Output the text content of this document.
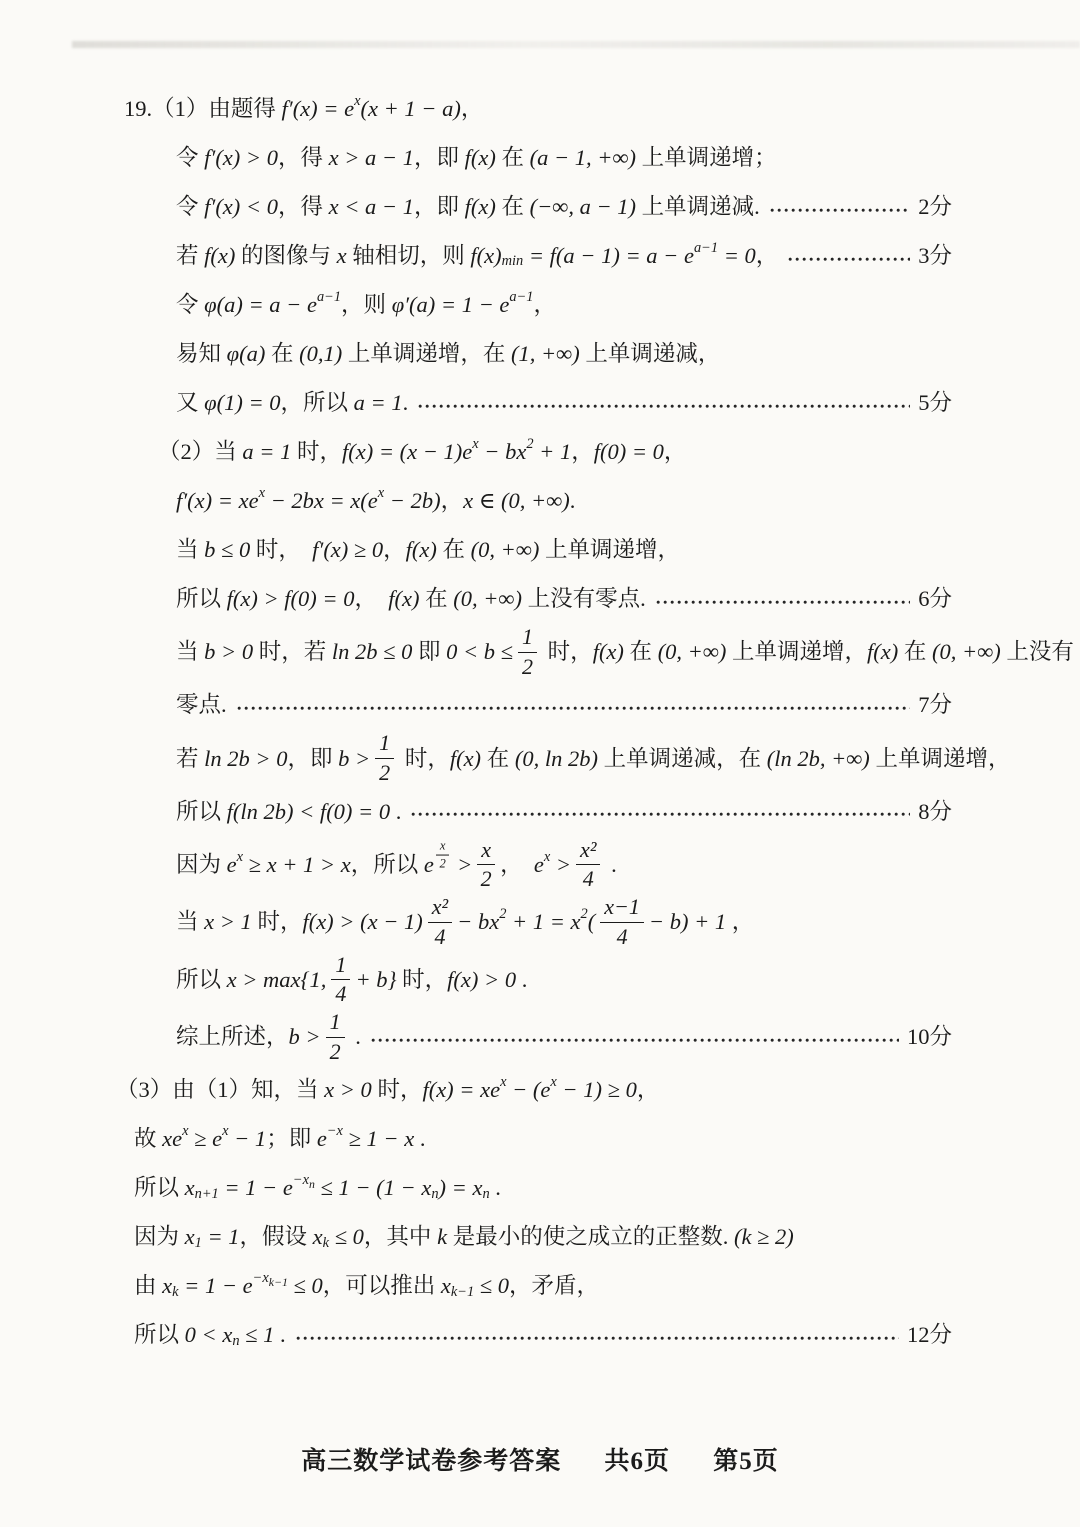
19.（1）由题得 f′(x) = e x (x + 1 − a) ，
令 f′(x) > 0 ，得 x > a − 1 ，即 f(x) 在 (a − 1, +∞) 上单调递增；
令 f′(x) < 0 ，得 x < a − 1 ，即 f(x) 在 (−∞, a − 1) 上单调递减.	2分
若 f(x) 的图像与 x 轴相切，则 f(x) min = f(a − 1) = a − e a−1 = 0 ，	3分
令 φ(a) = a − e a−1 ，则 φ′(a) = 1 − e a−1 ，
易知 φ(a) 在 (0,1) 上单调递增，在 (1, +∞) 上单调递减，
又 φ(1) = 0 ，所以 a = 1 .	5分
（2）当 a = 1 时， f(x) = (x − 1)e x − bx 2 + 1 ， f(0) = 0 ，
f′(x) = xe x − 2bx = x(e x − 2b) ， x ∈ (0, +∞) .
当 b ≤ 0 时，　 f′(x) ≥ 0 ， f(x) 在 (0, +∞) 上单调递增，
所以 f(x) > f(0) = 0 ，　 f(x) 在 (0, +∞) 上没有零点.	6分
当 b > 0 时，若 ln 2b ≤ 0 即 $0 < b \le \frac{1}{2}$ 时， f(x) 在 (0, +∞) 上单调递增， f(x) 在 (0, +∞) 上没有
零点.	7分
若 ln 2b > 0 ，即 $b > \frac{1}{2}$ 时， f(x) 在 (0, ln 2b) 上单调递减，在 (ln 2b, +∞) 上单调递增，
所以 f(ln 2b) < f(0) = 0 .	8分
因为 e x ≥ x + 1 > x ，所以 e $\frac{x}{2} > \frac{x}{2}$ ，　 e $x > \frac{\text{x²}}{4}$ .
当 x > 1 时， $f(x) > (x - 1) \frac{\text{x²}}{4}$ − bx 2 + 1 = x 2 ( $\frac{x-1}{4} - b) + 1$ ，
所以 x > max{1, $\frac{1}{4} + b$} 时， f(x) > 0 .
综上所述， $b > \frac{1}{2}$ .	10分
（3）由（1）知，当 x > 0 时， f(x) = xe x − (e x − 1) ≥ 0 ，
故 xe x ≥ e x − 1 ；即 e −x ≥ 1 − x .
所以 x $n+1 = 1 - e -x_n \le 1 - (1 - x$ n ) = x n .
因为 x 1 = 1 ，假设 x k ≤ 0 ，其中 k 是最小的使之成立的正整数. (k ≥ 2)
由 x $k = 1 - e -x_{k-1} \le 0$ ，可以推出 x k−1 ≤ 0 ，矛盾，
所以 0 < x n ≤ 1 .	12分
高三数学试卷参考答案 共6页 第5页
